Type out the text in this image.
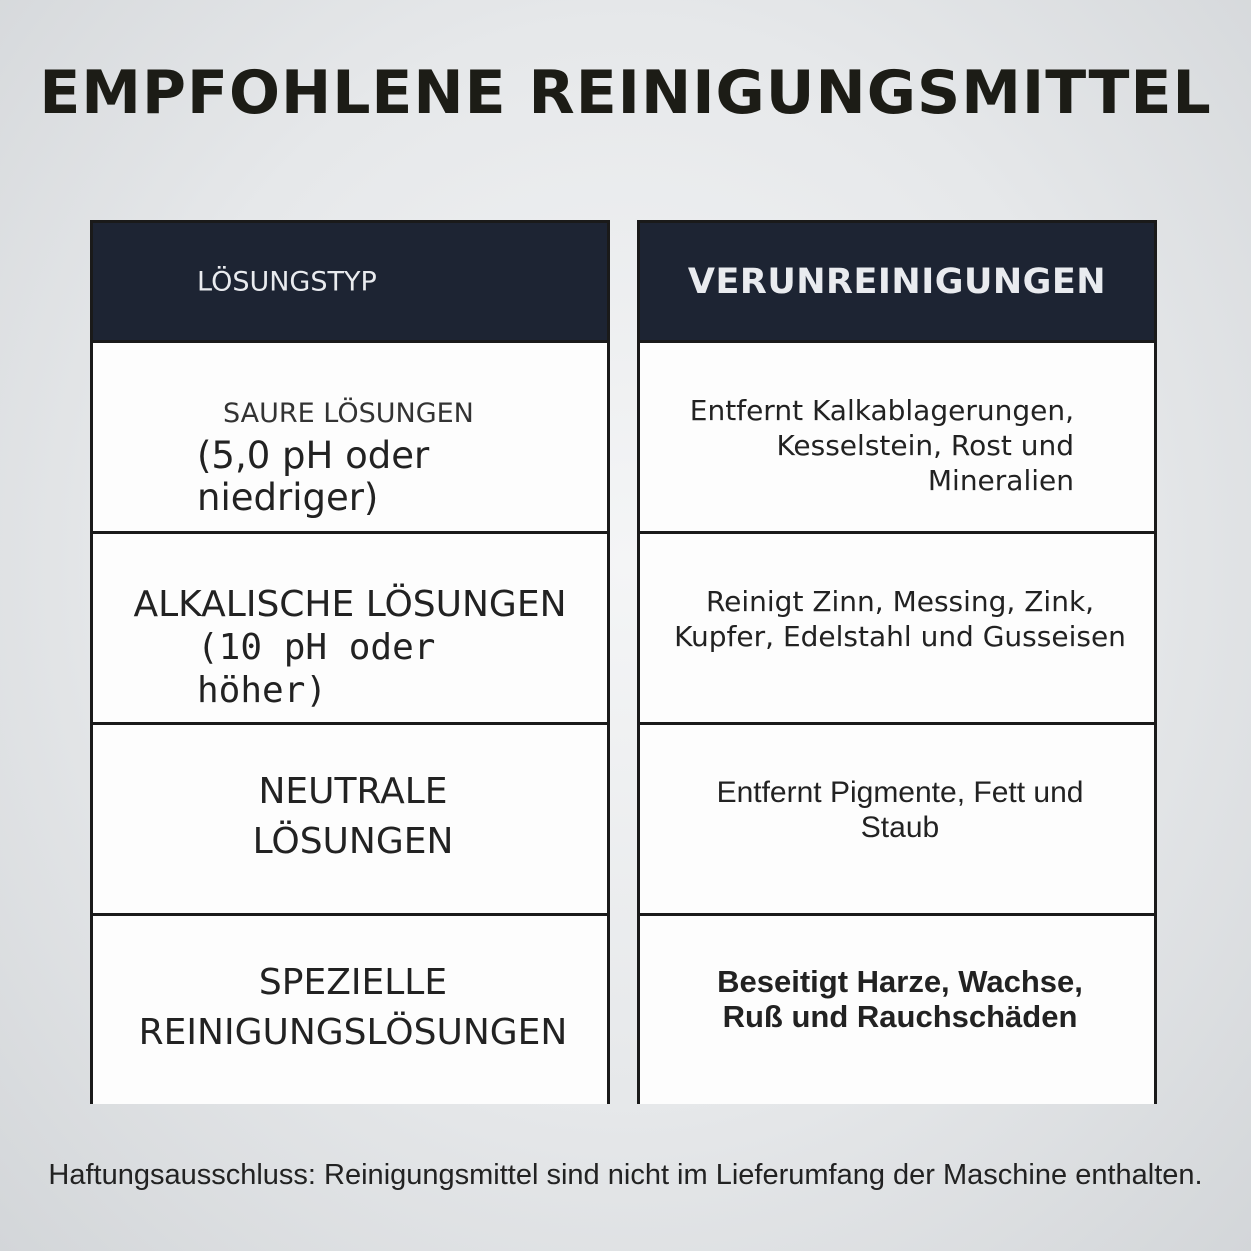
EMPFOHLENE REINIGUNGSMITTEL
LÖSUNGSTYP
SAURE LÖSUNGEN
(5,0 pH oder niedriger)
ALKALISCHE LÖSUNGEN
(10 pH oder höher)
NEUTRALE LÖSUNGEN
SPEZIELLE REINIGUNGSLÖSUNGEN
VERUNREINIGUNGEN
Entfernt Kalkablagerungen, Kesselstein, Rost und Mineralien
Reinigt Zinn, Messing, Zink, Kupfer, Edelstahl und Gusseisen
Entfernt Pigmente, Fett und Staub
Beseitigt Harze, Wachse, Ruß und Rauchschäden
Haftungsausschluss: Reinigungsmittel sind nicht im Lieferumfang der Maschine enthalten.
